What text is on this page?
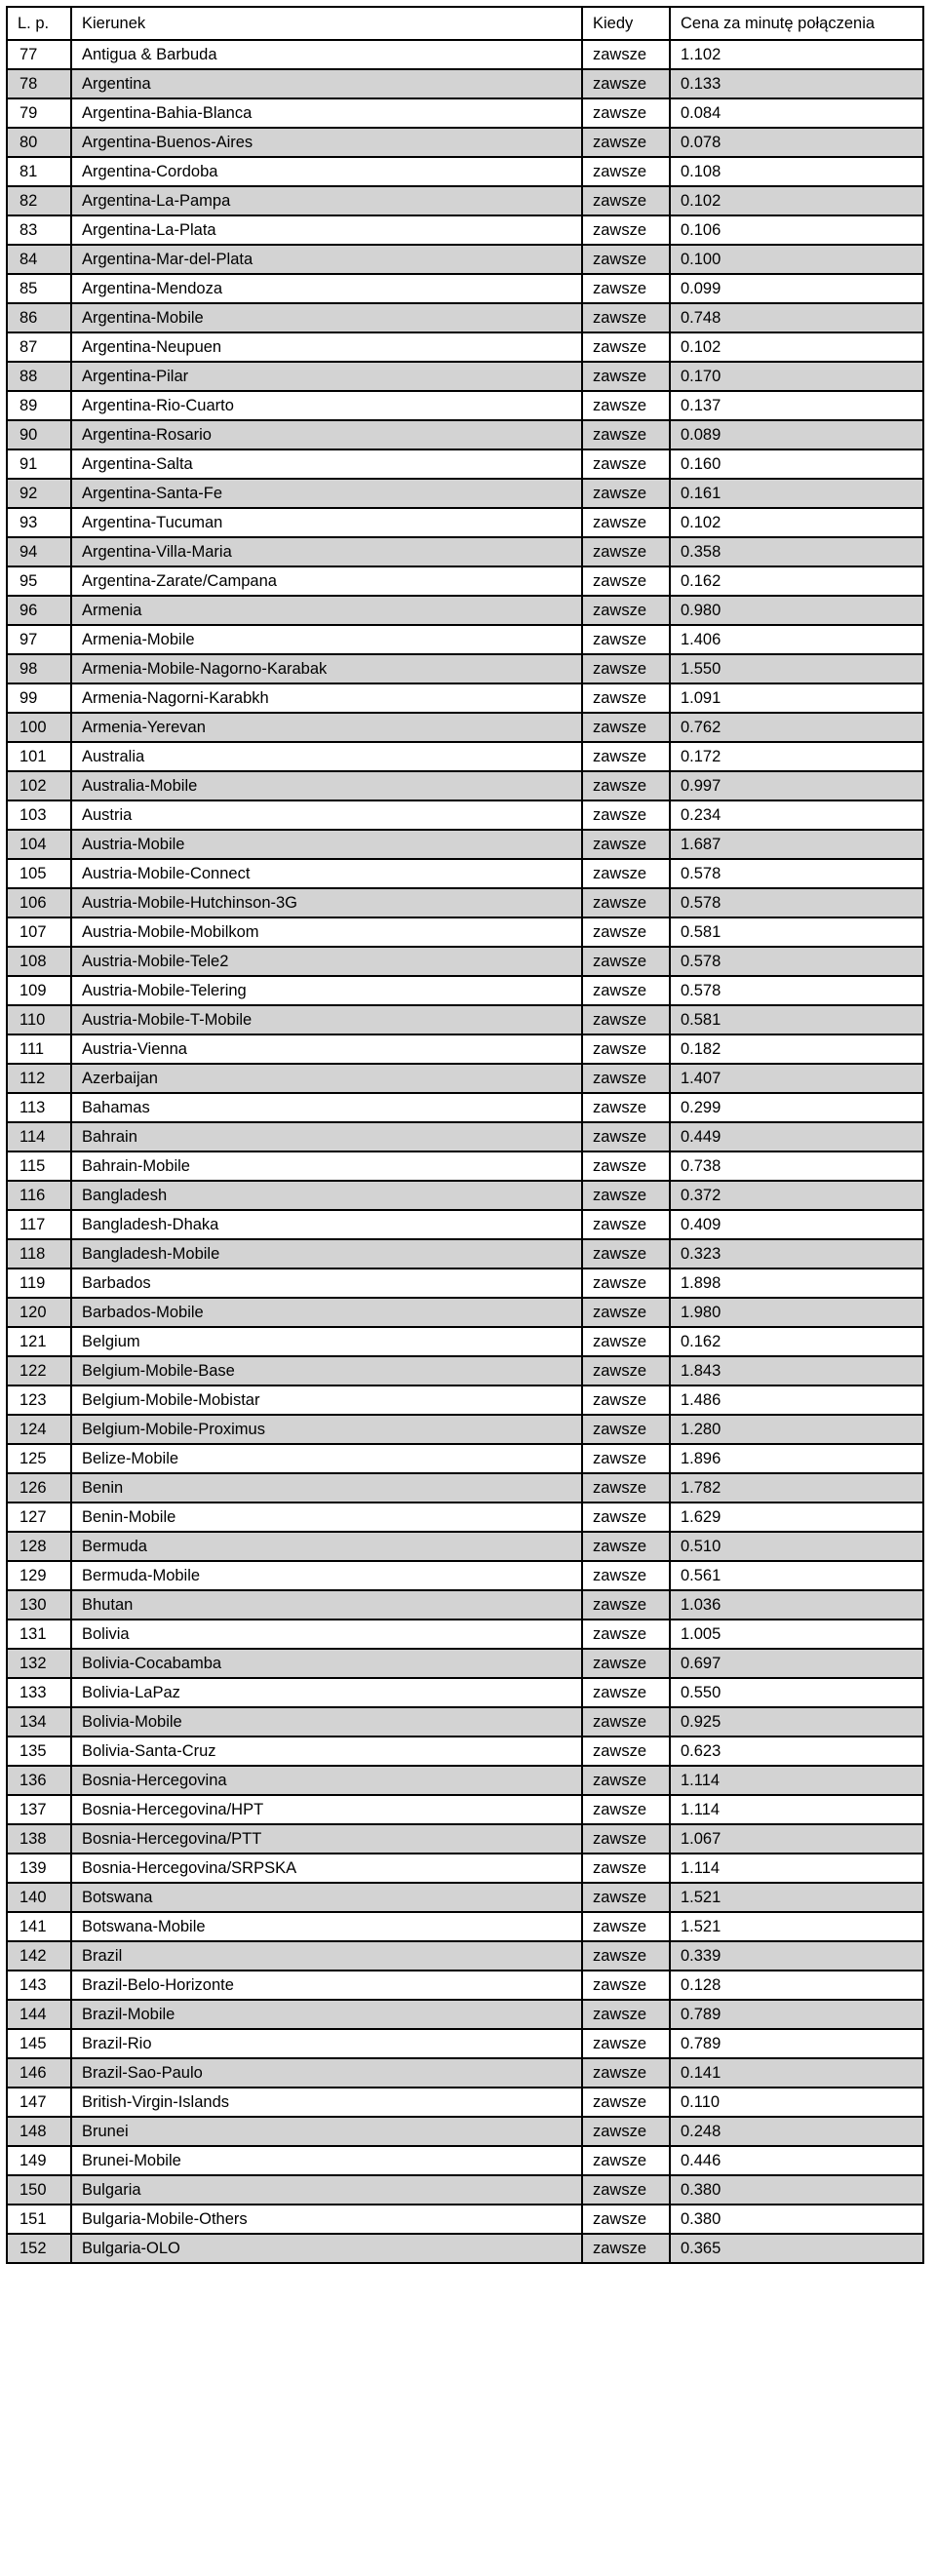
L. p.	Kierunek	Kiedy	Cena za minutę połączenia
77	Antigua & Barbuda	zawsze	1.102
78	Argentina	zawsze	0.133
79	Argentina-Bahia-Blanca	zawsze	0.084
80	Argentina-Buenos-Aires	zawsze	0.078
81	Argentina-Cordoba	zawsze	0.108
82	Argentina-La-Pampa	zawsze	0.102
83	Argentina-La-Plata	zawsze	0.106
84	Argentina-Mar-del-Plata	zawsze	0.100
85	Argentina-Mendoza	zawsze	0.099
86	Argentina-Mobile	zawsze	0.748
87	Argentina-Neupuen	zawsze	0.102
88	Argentina-Pilar	zawsze	0.170
89	Argentina-Rio-Cuarto	zawsze	0.137
90	Argentina-Rosario	zawsze	0.089
91	Argentina-Salta	zawsze	0.160
92	Argentina-Santa-Fe	zawsze	0.161
93	Argentina-Tucuman	zawsze	0.102
94	Argentina-Villa-Maria	zawsze	0.358
95	Argentina-Zarate/Campana	zawsze	0.162
96	Armenia	zawsze	0.980
97	Armenia-Mobile	zawsze	1.406
98	Armenia-Mobile-Nagorno-Karabak	zawsze	1.550
99	Armenia-Nagorni-Karabkh	zawsze	1.091
100	Armenia-Yerevan	zawsze	0.762
101	Australia	zawsze	0.172
102	Australia-Mobile	zawsze	0.997
103	Austria	zawsze	0.234
104	Austria-Mobile	zawsze	1.687
105	Austria-Mobile-Connect	zawsze	0.578
106	Austria-Mobile-Hutchinson-3G	zawsze	0.578
107	Austria-Mobile-Mobilkom	zawsze	0.581
108	Austria-Mobile-Tele2	zawsze	0.578
109	Austria-Mobile-Telering	zawsze	0.578
110	Austria-Mobile-T-Mobile	zawsze	0.581
111	Austria-Vienna	zawsze	0.182
112	Azerbaijan	zawsze	1.407
113	Bahamas	zawsze	0.299
114	Bahrain	zawsze	0.449
115	Bahrain-Mobile	zawsze	0.738
116	Bangladesh	zawsze	0.372
117	Bangladesh-Dhaka	zawsze	0.409
118	Bangladesh-Mobile	zawsze	0.323
119	Barbados	zawsze	1.898
120	Barbados-Mobile	zawsze	1.980
121	Belgium	zawsze	0.162
122	Belgium-Mobile-Base	zawsze	1.843
123	Belgium-Mobile-Mobistar	zawsze	1.486
124	Belgium-Mobile-Proximus	zawsze	1.280
125	Belize-Mobile	zawsze	1.896
126	Benin	zawsze	1.782
127	Benin-Mobile	zawsze	1.629
128	Bermuda	zawsze	0.510
129	Bermuda-Mobile	zawsze	0.561
130	Bhutan	zawsze	1.036
131	Bolivia	zawsze	1.005
132	Bolivia-Cocabamba	zawsze	0.697
133	Bolivia-LaPaz	zawsze	0.550
134	Bolivia-Mobile	zawsze	0.925
135	Bolivia-Santa-Cruz	zawsze	0.623
136	Bosnia-Hercegovina	zawsze	1.114
137	Bosnia-Hercegovina/HPT	zawsze	1.114
138	Bosnia-Hercegovina/PTT	zawsze	1.067
139	Bosnia-Hercegovina/SRPSKA	zawsze	1.114
140	Botswana	zawsze	1.521
141	Botswana-Mobile	zawsze	1.521
142	Brazil	zawsze	0.339
143	Brazil-Belo-Horizonte	zawsze	0.128
144	Brazil-Mobile	zawsze	0.789
145	Brazil-Rio	zawsze	0.789
146	Brazil-Sao-Paulo	zawsze	0.141
147	British-Virgin-Islands	zawsze	0.110
148	Brunei	zawsze	0.248
149	Brunei-Mobile	zawsze	0.446
150	Bulgaria	zawsze	0.380
151	Bulgaria-Mobile-Others	zawsze	0.380
152	Bulgaria-OLO	zawsze	0.365
